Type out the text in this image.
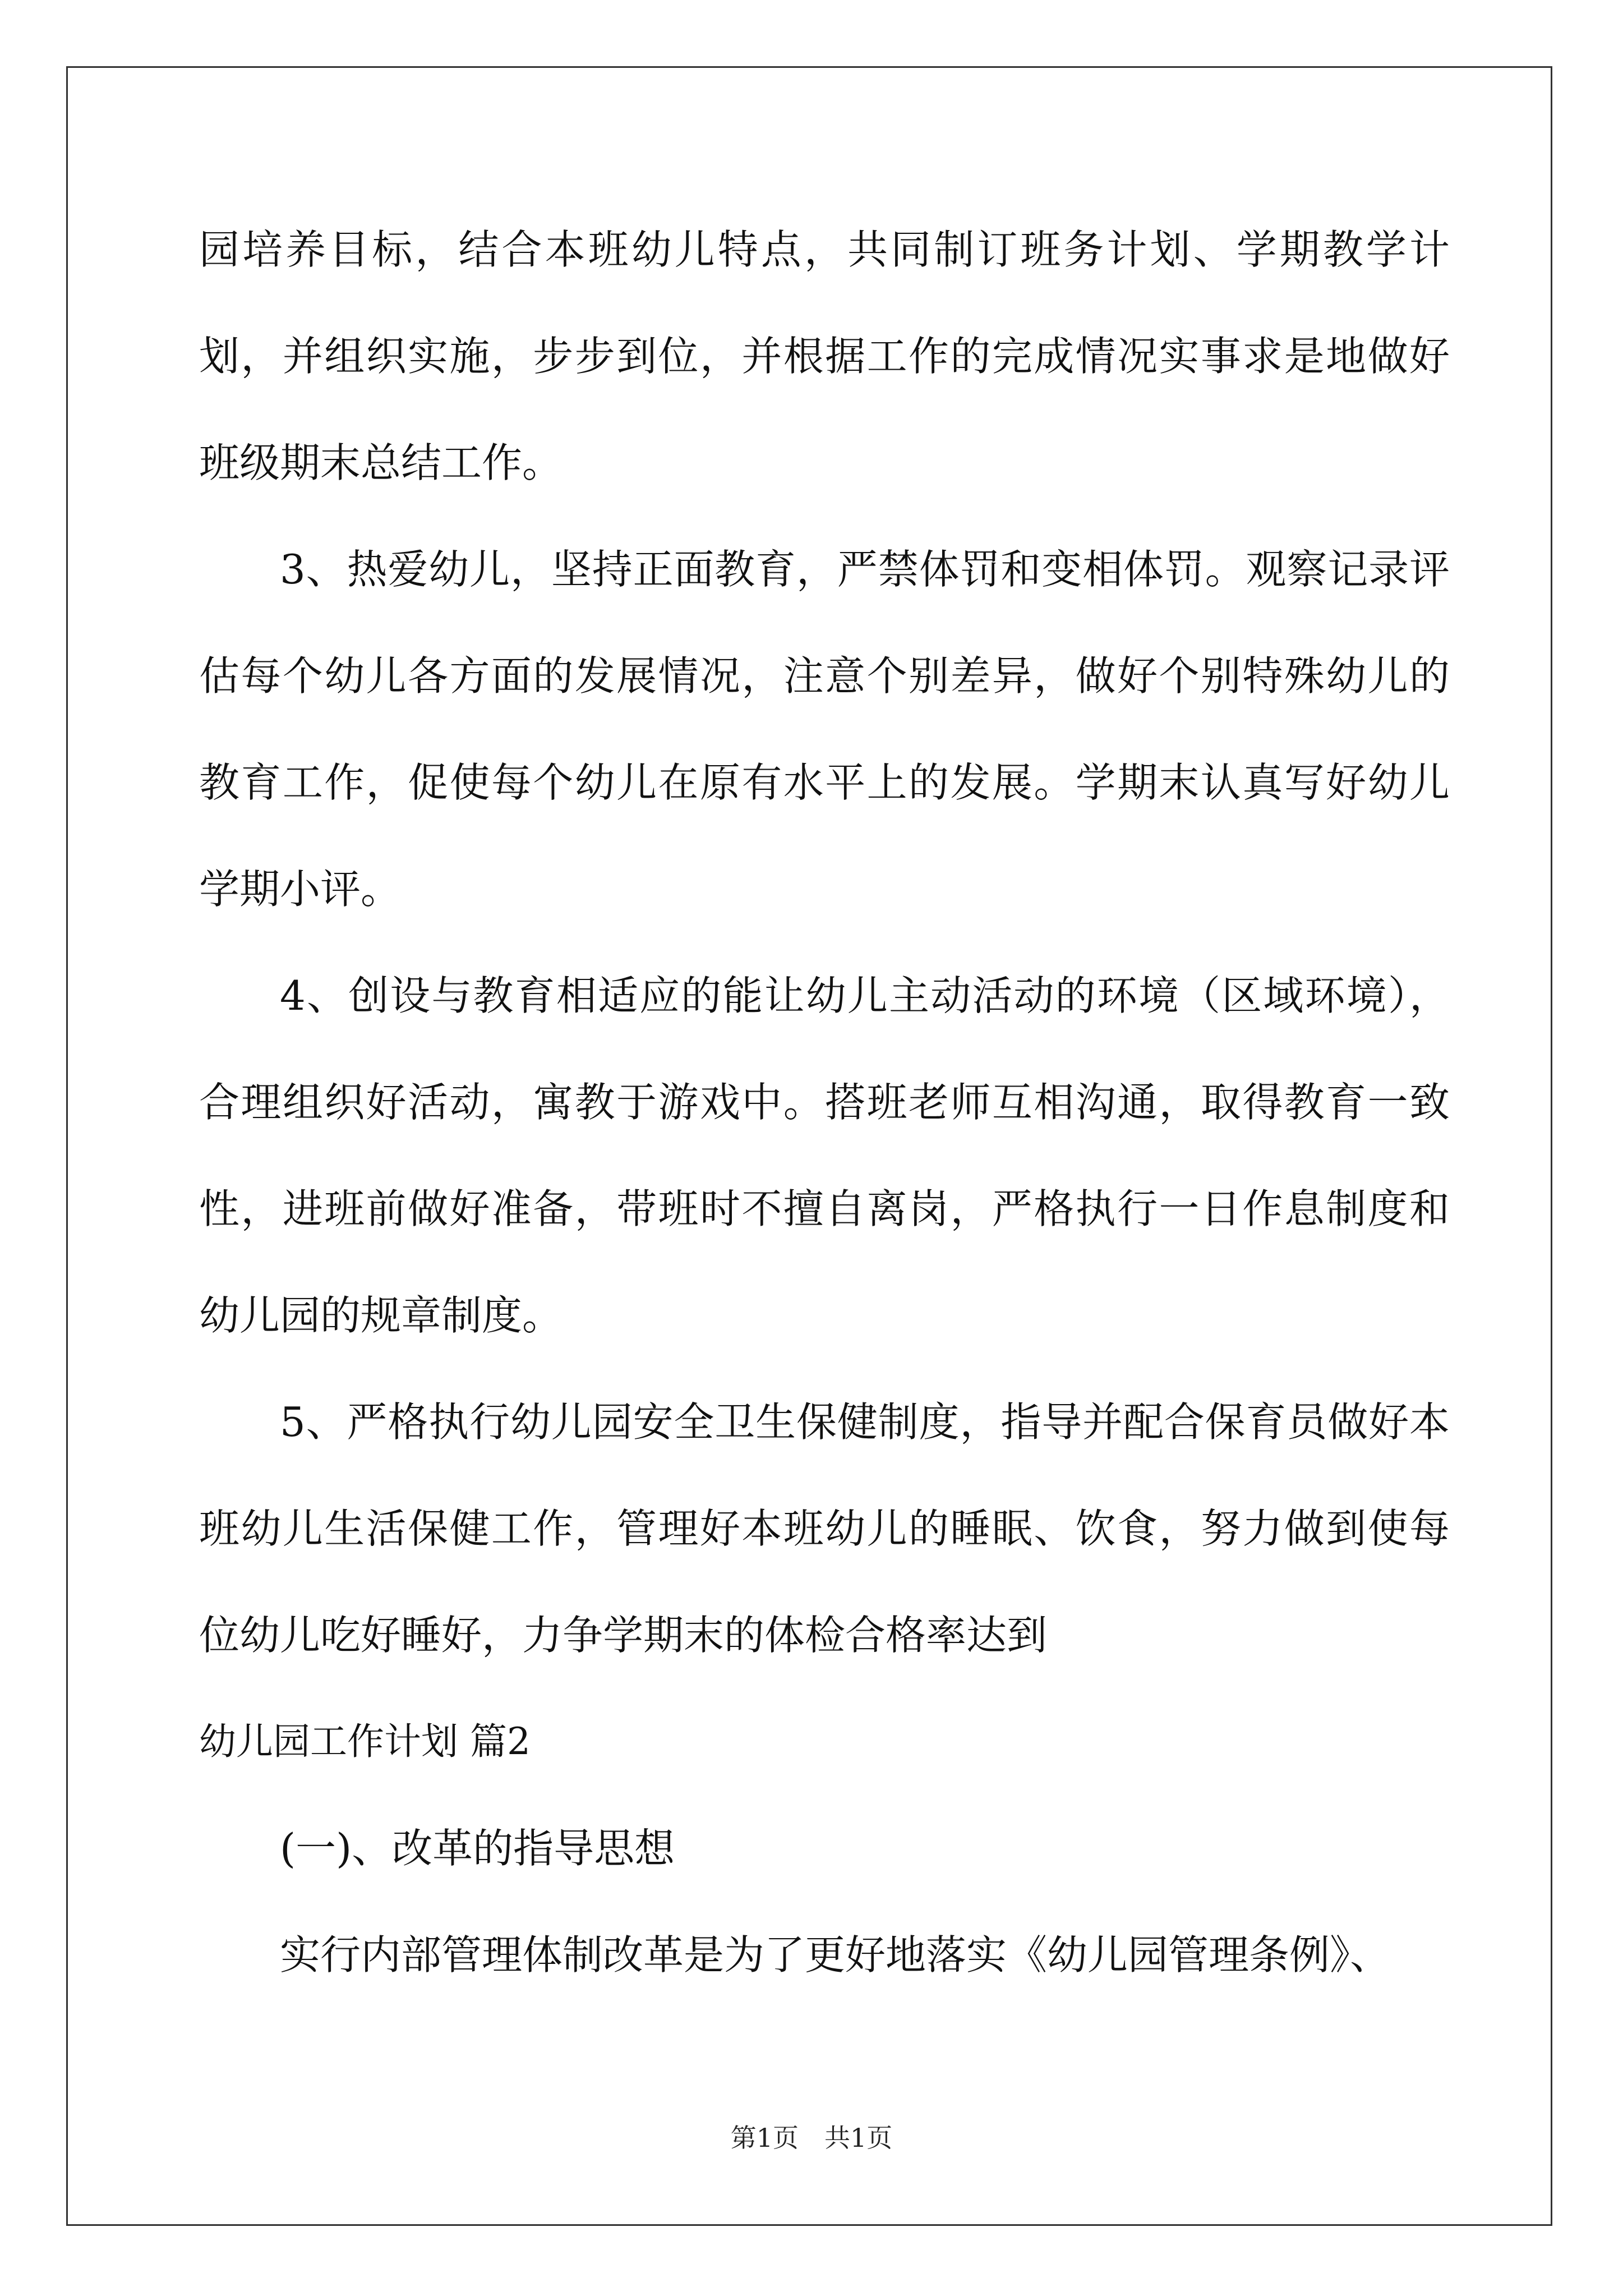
园培养目标，结合本班幼儿特点，共同制订班务计划、学期教学计划，并组织实施，步步到位，并根据工作的完成情况实事求是地做好班级期末总结工作。

3、热爱幼儿，坚持正面教育，严禁体罚和变相体罚。观察记录评估每个幼儿各方面的发展情况，注意个别差异，做好个别特殊幼儿的教育工作，促使每个幼儿在原有水平上的发展。学期末认真写好幼儿学期小评。

4、创设与教育相适应的能让幼儿主动活动的环境（区域环境），合理组织好活动，寓教于游戏中。搭班老师互相沟通，取得教育一致性，进班前做好准备，带班时不擅自离岗，严格执行一日作息制度和幼儿园的规章制度。

5、严格执行幼儿园安全卫生保健制度，指导并配合保育员做好本班幼儿生活保健工作，管理好本班幼儿的睡眠、饮食，努力做到使每位幼儿吃好睡好，力争学期末的体检合格率达到

幼儿园工作计划 篇2

(一)、改革的指导思想

实行内部管理体制改革是为了更好地落实《幼儿园管理条例》、

第1页　共1页
